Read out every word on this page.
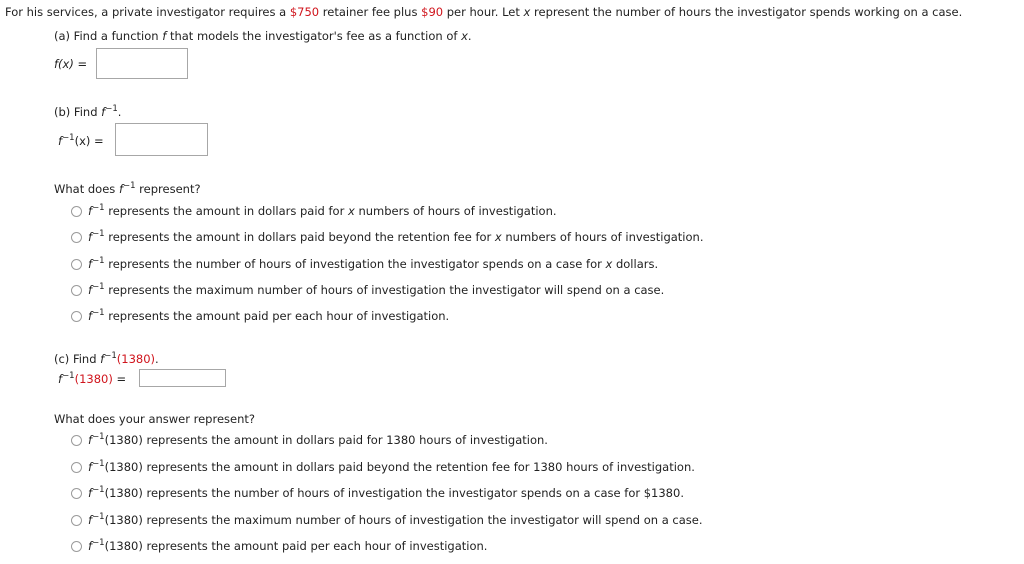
For his services, a private investigator requires a $750 retainer fee plus $90 per hour. Let x represent the number of hours the investigator spends working on a case.
(a) Find a function f that models the investigator's fee as a function of x.
f(x) =
(b) Find $f^{-1}$.
$f^{-1}(x)$ =
What does $f^{-1}$ represent?
$f^{-1}$ represents the amount in dollars paid for x numbers of hours of investigation.
$f^{-1}$ represents the amount in dollars paid beyond the retention fee for x numbers of hours of investigation.
$f^{-1}$ represents the number of hours of investigation the investigator spends on a case for x dollars.
$f^{-1}$ represents the maximum number of hours of investigation the investigator will spend on a case.
$f^{-1}$ represents the amount paid per each hour of investigation.
(c) Find $f^{-1}(1380)$.
$f^{-1}(1380)$ =
What does your answer represent?
$f^{-1}(1380)$ represents the amount in dollars paid for 1380 hours of investigation.
$f^{-1}(1380)$ represents the amount in dollars paid beyond the retention fee for 1380 hours of investigation.
$f^{-1}(1380)$ represents the number of hours of investigation the investigator spends on a case for $1380.
$f^{-1}(1380)$ represents the maximum number of hours of investigation the investigator will spend on a case.
$f^{-1}(1380)$ represents the amount paid per each hour of investigation.
